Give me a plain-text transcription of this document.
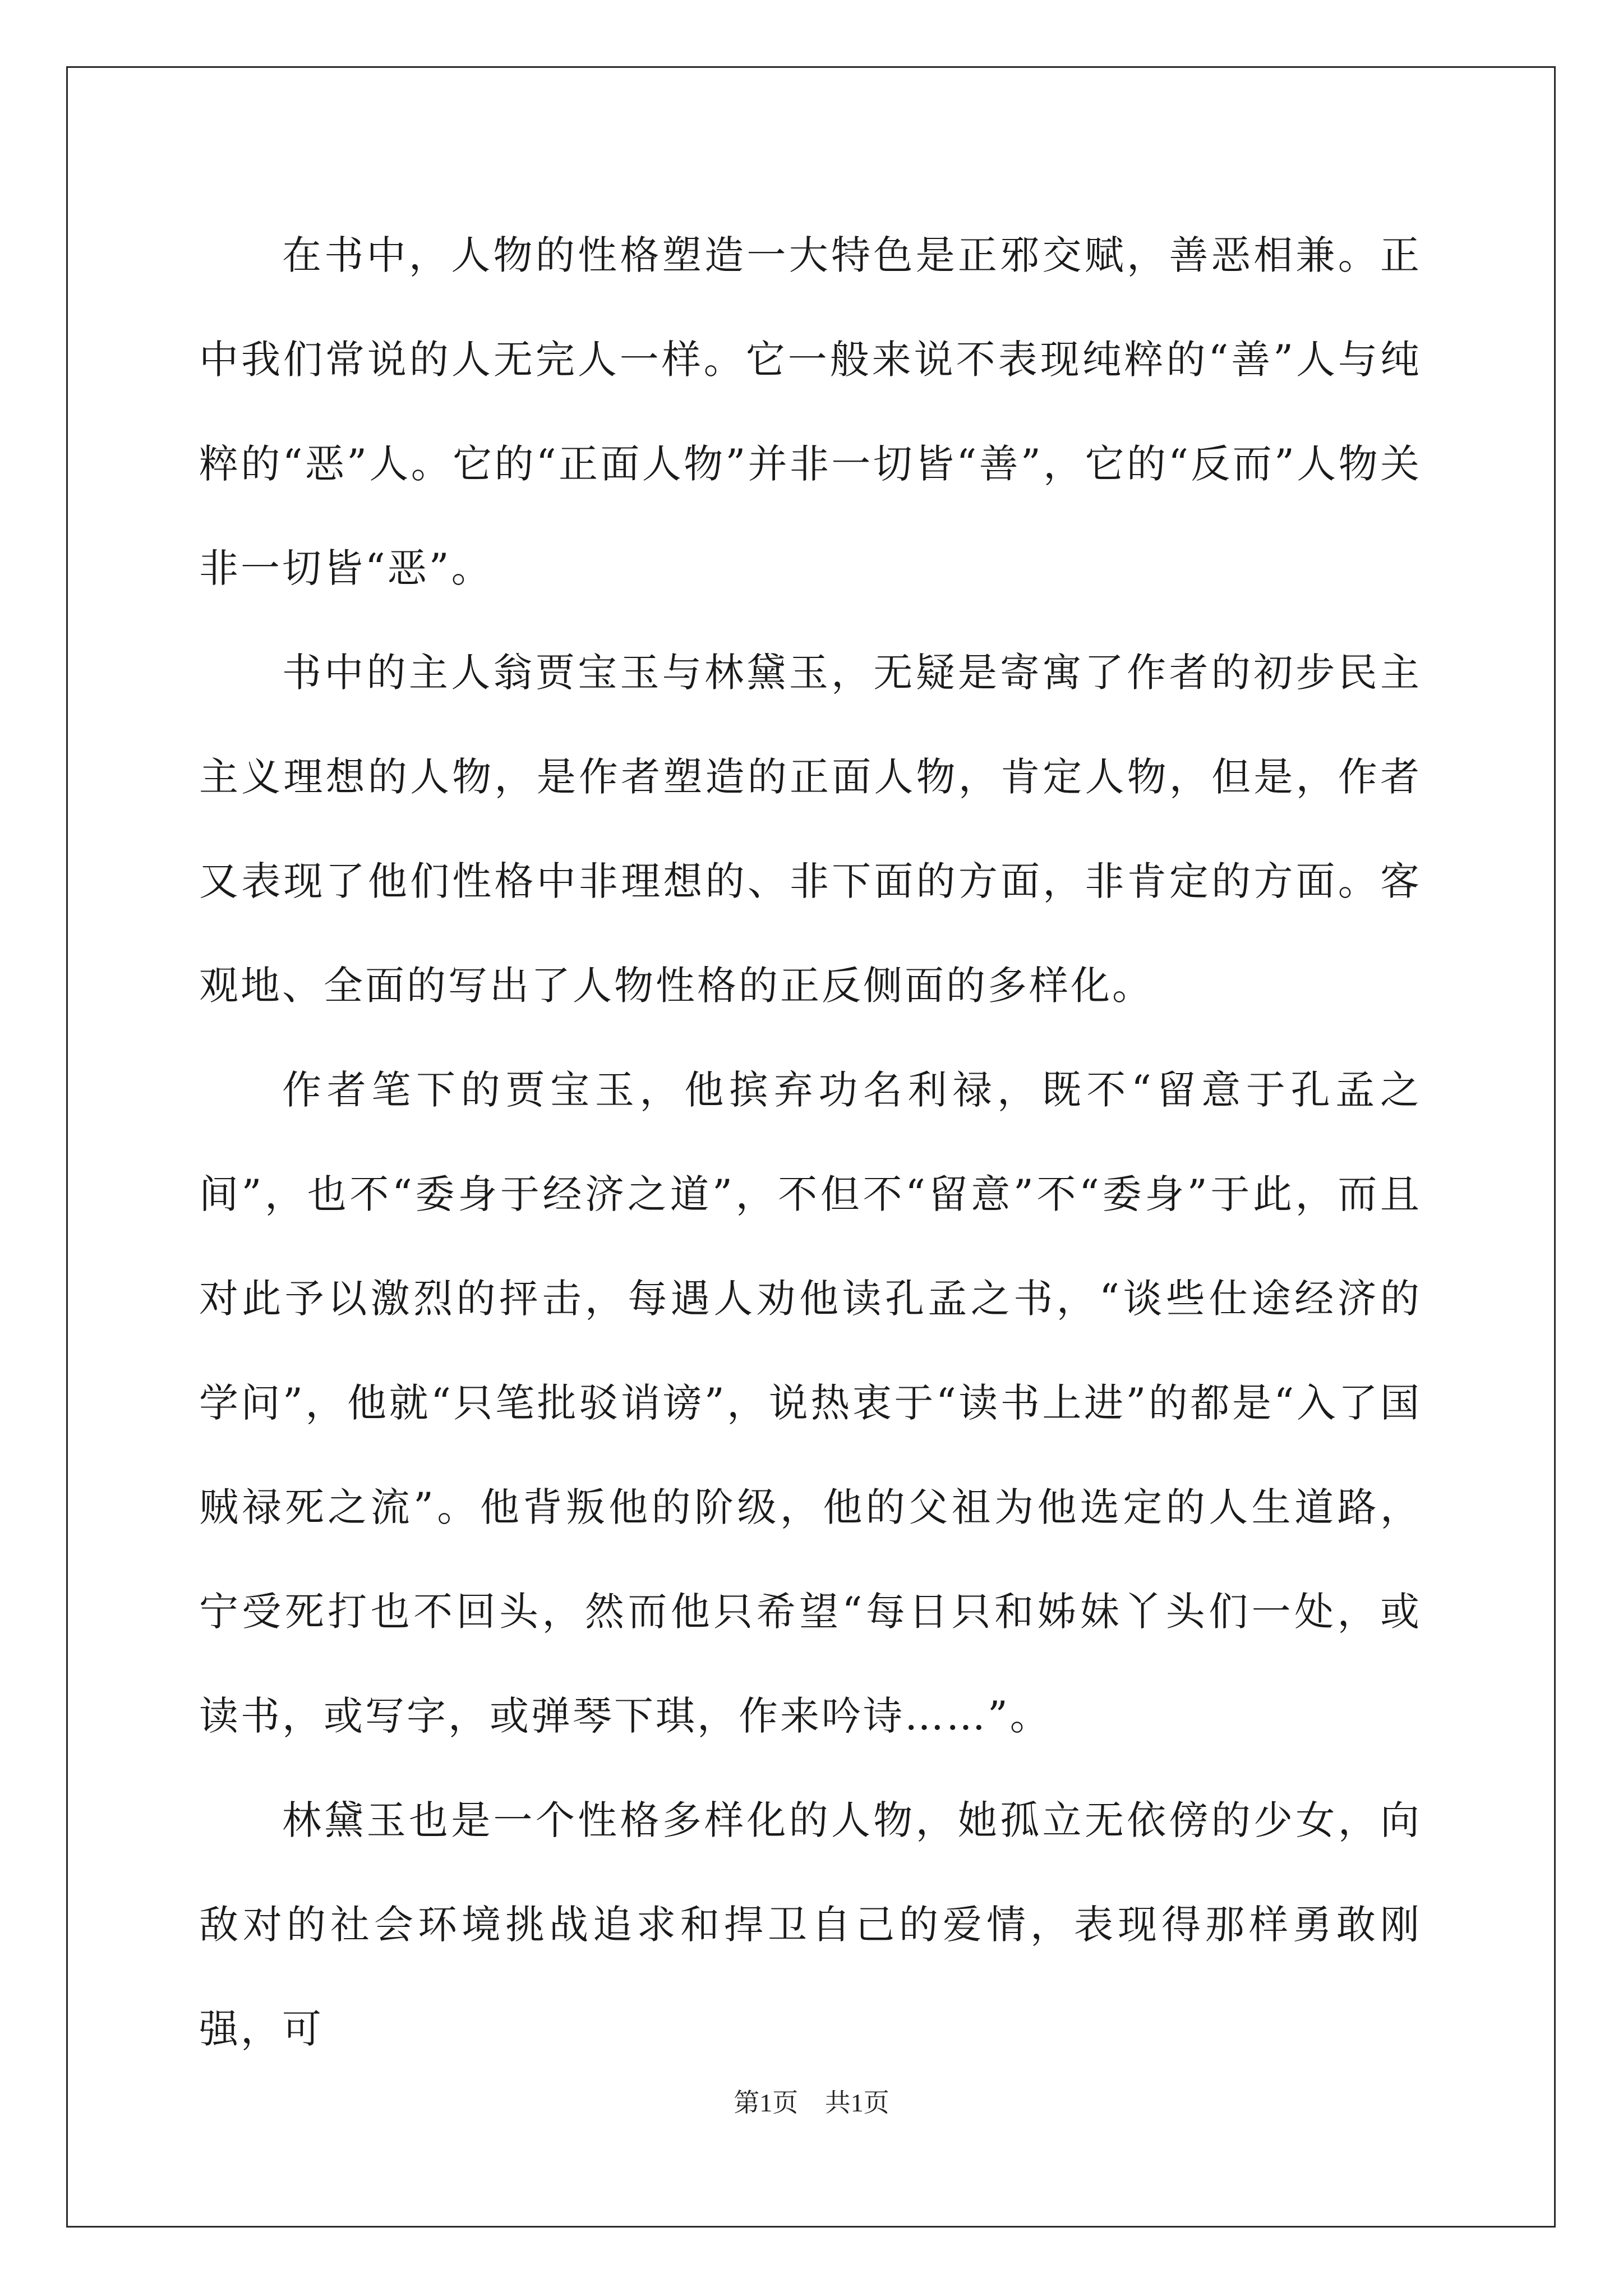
在书中，人物的性格塑造一大特色是正邪交赋，善恶相兼。正中我们常说的人无完人一样。它一般来说不表现纯粹的“善”人与纯粹的“恶”人。它的“正面人物”并非一切皆“善”，它的“反而”人物关非一切皆“恶”。

书中的主人翁贾宝玉与林黛玉，无疑是寄寓了作者的初步民主主义理想的人物，是作者塑造的正面人物，肯定人物，但是，作者又表现了他们性格中非理想的、非下面的方面，非肯定的方面。客观地、全面的写出了人物性格的正反侧面的多样化。

作者笔下的贾宝玉，他摈弃功名利禄，既不“留意于孔孟之间”，也不“委身于经济之道”，不但不“留意”不“委身”于此，而且对此予以激烈的抨击，每遇人劝他读孔孟之书，“谈些仕途经济的学问”，他就“只笔批驳诮谤”，说热衷于“读书上进”的都是“入了国贼禄死之流”。他背叛他的阶级，他的父祖为他选定的人生道路，宁受死打也不回头，然而他只希望“每日只和姊妹丫头们一处，或读书，或写字，或弹琴下琪，作来吟诗……”。

林黛玉也是一个性格多样化的人物，她孤立无依傍的少女，向敌对的社会环境挑战追求和捍卫自己的爱情，表现得那样勇敢刚强，可

第1页 共1页
